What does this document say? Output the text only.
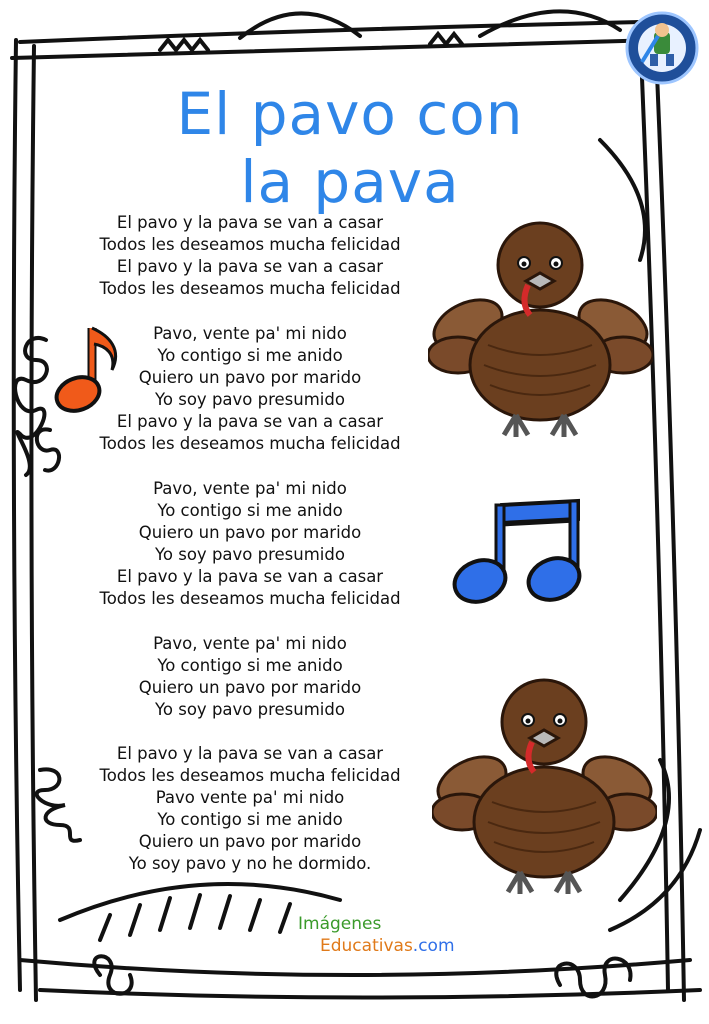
El pavo con
la pava
El pavo y la pava se van a casar
Todos les deseamos mucha felicidad
El pavo y la pava se van a casar
Todos les deseamos mucha felicidad
Pavo, vente pa' mi nido
Yo contigo si me anido
Quiero un pavo por marido
Yo soy pavo presumido
El pavo y la pava se van a casar
Todos les deseamos mucha felicidad
Pavo, vente pa' mi nido
Yo contigo si me anido
Quiero un pavo por marido
Yo soy pavo presumido
El pavo y la pava se van a casar
Todos les deseamos mucha felicidad
Pavo, vente pa' mi nido
Yo contigo si me anido
Quiero un pavo por marido
Yo soy pavo presumido
El pavo y la pava se van a casar
Todos les deseamos mucha felicidad
Pavo vente pa' mi nido
Yo contigo si me anido
Quiero un pavo por marido
Yo soy pavo y no he dormido.
Imágenes
Educativas.com
